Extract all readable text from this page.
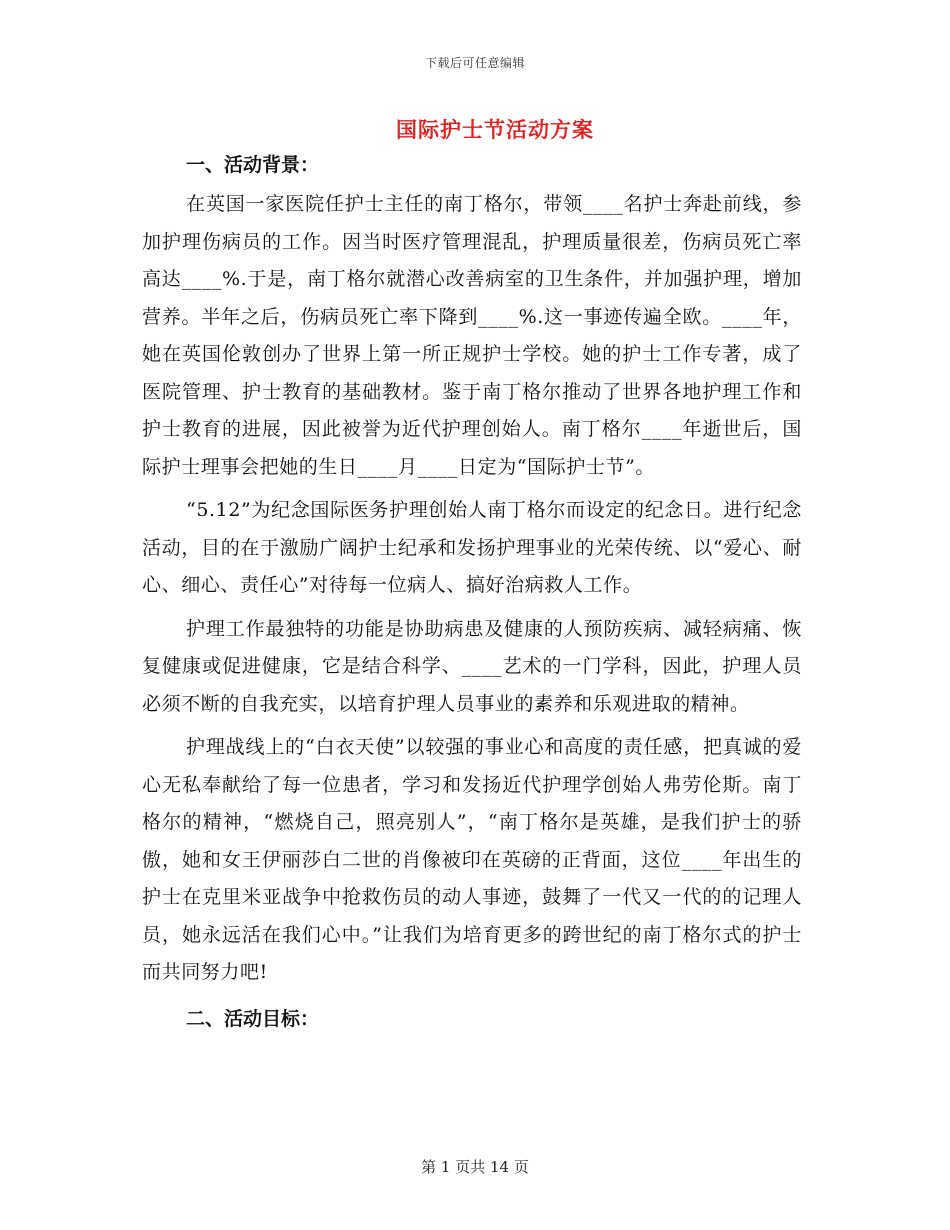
下载后可任意编辑
国际护士节活动方案
一、活动背景：

在英国一家医院任护士主任的南丁格尔，带领____名护士奔赴前线，参加护理伤病员的工作。因当时医疗管理混乱，护理质量很差，伤病员死亡率高达____%.于是，南丁格尔就潜心改善病室的卫生条件，并加强护理，增加营养。半年之后，伤病员死亡率下降到____%.这一事迹传遍全欧。____年，她在英国伦敦创办了世界上第一所正规护士学校。她的护士工作专著，成了医院管理、护士教育的基础教材。鉴于南丁格尔推动了世界各地护理工作和护士教育的进展，因此被誉为近代护理创始人。南丁格尔____年逝世后，国际护士理事会把她的生日____月____日定为“国际护士节”。

“5.12”为纪念国际医务护理创始人南丁格尔而设定的纪念日。进行纪念活动，目的在于激励广阔护士纪承和发扬护理事业的光荣传统、以“爱心、耐心、细心、责任心”对待每一位病人、搞好治病救人工作。

护理工作最独特的功能是协助病患及健康的人预防疾病、减轻病痛、恢复健康或促进健康，它是结合科学、____艺术的一门学科，因此，护理人员必须不断的自我充实，以培育护理人员事业的素养和乐观进取的精神。

护理战线上的“白衣天使”以较强的事业心和高度的责任感，把真诚的爱心无私奉献给了每一位患者，学习和发扬近代护理学创始人弗劳伦斯。南丁格尔的精神，“燃烧自己，照亮别人”，“南丁格尔是英雄，是我们护士的骄傲，她和女王伊丽莎白二世的肖像被印在英磅的正背面，这位____年出生的护士在克里米亚战争中抢救伤员的动人事迹，鼓舞了一代又一代的的记理人员，她永远活在我们心中。”让我们为培育更多的跨世纪的南丁格尔式的护士而共同努力吧!

二、活动目标：
第 1 页共 14 页
